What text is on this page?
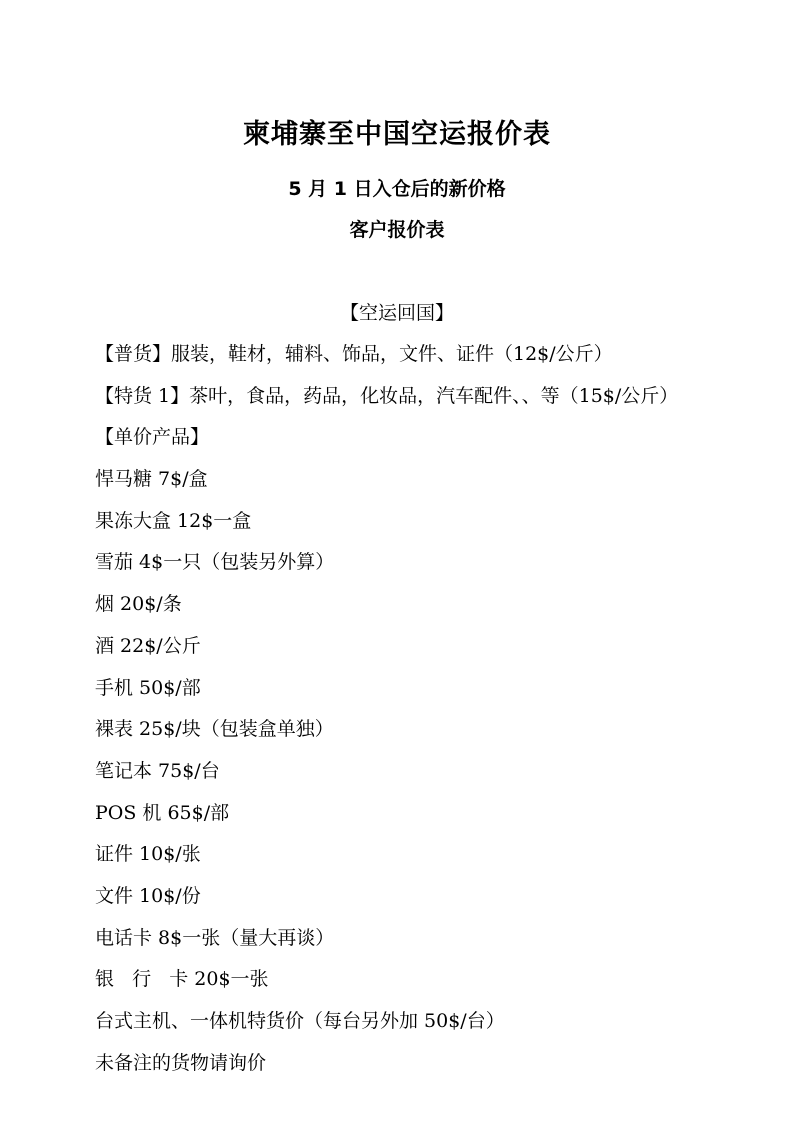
柬埔寨至中国空运报价表
5 月 1 日入仓后的新价格
客户报价表
【空运回国】
【普货】服装，鞋材，辅料、饰品，文件、证件（12$/公斤）
【特货 1】茶叶，食品，药品，化妆品，汽车配件、、等（15$/公斤）
【单价产品】
悍马糖 7$/盒
果冻大盒 12$一盒
雪茄 4$一只（包装另外算）
烟 20$/条
酒 22$/公斤
手机 50$/部
裸表 25$/块（包装盒单独）
笔记本 75$/台
POS 机 65$/部
证件 10$/张
文件 10$/份
电话卡 8$一张（量大再谈）
银   行   卡 20$一张
台式主机、一体机特货价（每台另外加 50$/台）
未备注的货物请询价
